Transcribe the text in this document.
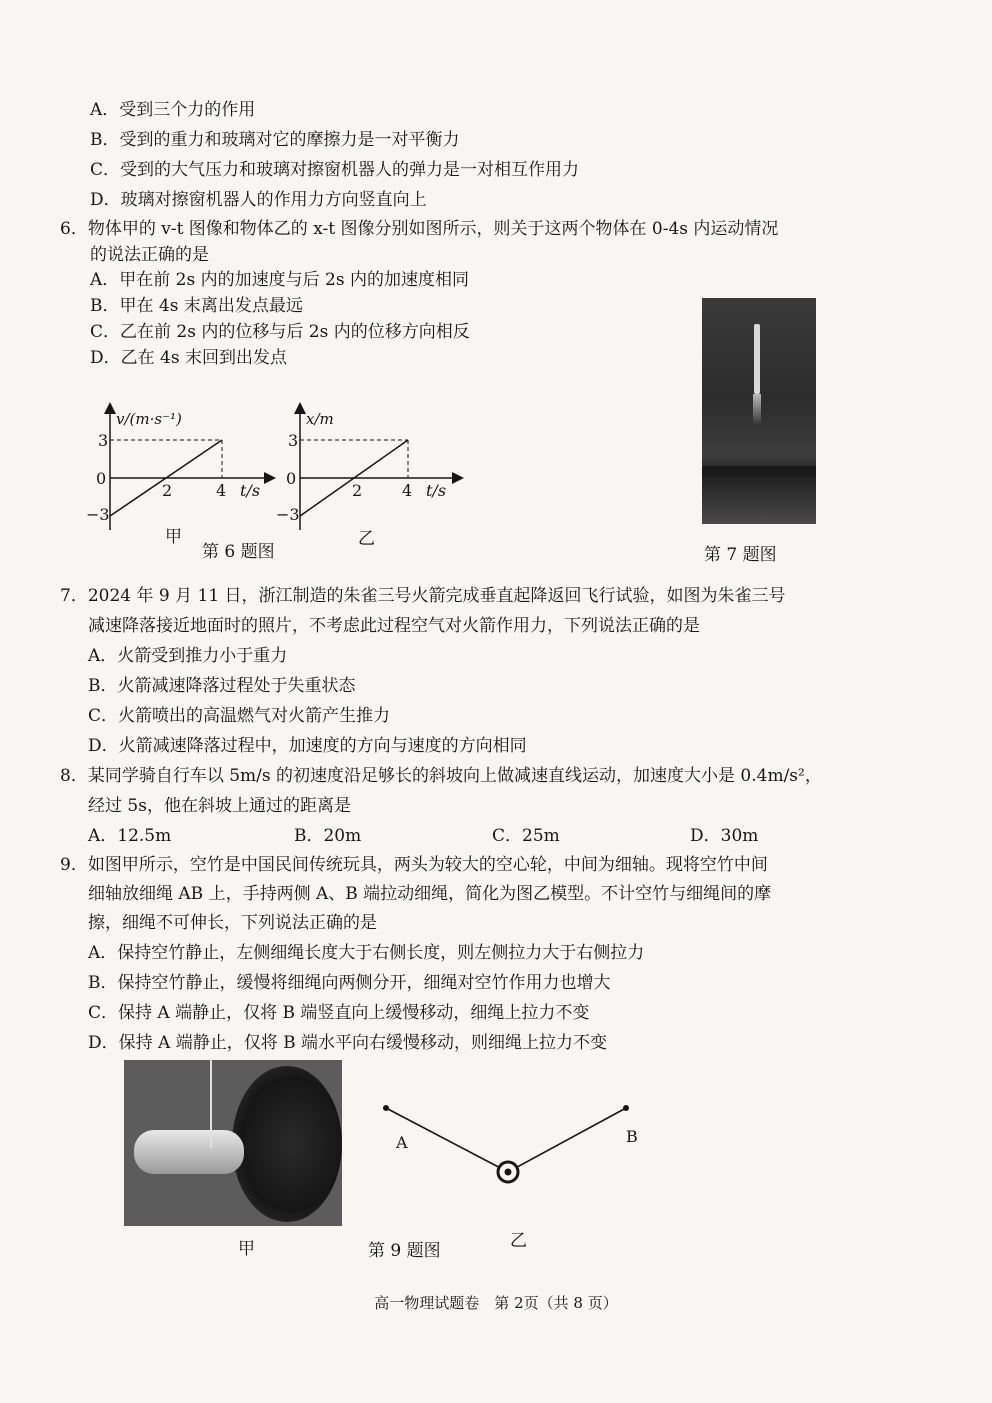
A．受到三个力的作用
B．受到的重力和玻璃对它的摩擦力是一对平衡力
C．受到的大气压力和玻璃对擦窗机器人的弹力是一对相互作用力
D．玻璃对擦窗机器人的作用力方向竖直向上
6．物体甲的 v-t 图像和物体乙的 x-t 图像分别如图所示，则关于这两个物体在 0-4s 内运动情况
的说法正确的是
A．甲在前 2s 内的加速度与后 2s 内的加速度相同
B．甲在 4s 末离出发点最远
C．乙在前 2s 内的位移与后 2s 内的位移方向相反
D．乙在 4s 末回到出发点
v/(m·s⁻¹)
3
0
−3
2	4 t/s
甲
x/m
3
0
−3
2 4 t/s
乙
第 6 题图	第 7 题图
7．2024 年 9 月 11 日，浙江制造的朱雀三号火箭完成垂直起降返回飞行试验，如图为朱雀三号
减速降落接近地面时的照片，不考虑此过程空气对火箭作用力，下列说法正确的是
A．火箭受到推力小于重力
B．火箭减速降落过程处于失重状态
C．火箭喷出的高温燃气对火箭产生推力
D．火箭减速降落过程中，加速度的方向与速度的方向相同
8．某同学骑自行车以 5m/s 的初速度沿足够长的斜坡向上做减速直线运动，加速度大小是 0.4m/s²，
经过 5s，他在斜坡上通过的距离是
A．12.5m	B．20m	C．25m	D．30m
9．如图甲所示，空竹是中国民间传统玩具，两头为较大的空心轮，中间为细轴。现将空竹中间
细轴放细绳 AB 上，手持两侧 A、B 端拉动细绳，简化为图乙模型。不计空竹与细绳间的摩
擦，细绳不可伸长，下列说法正确的是
A．保持空竹静止，左侧细绳长度大于右侧长度，则左侧拉力大于右侧拉力
B．保持空竹静止，缓慢将细绳向两侧分开，细绳对空竹作用力也增大
C．保持 A 端静止，仅将 B 端竖直向上缓慢移动，细绳上拉力不变
D．保持 A 端静止，仅将 B 端水平向右缓慢移动，则细绳上拉力不变
甲
A	B
乙
第 9 题图
高一物理试题卷　第 2页（共 8 页）
